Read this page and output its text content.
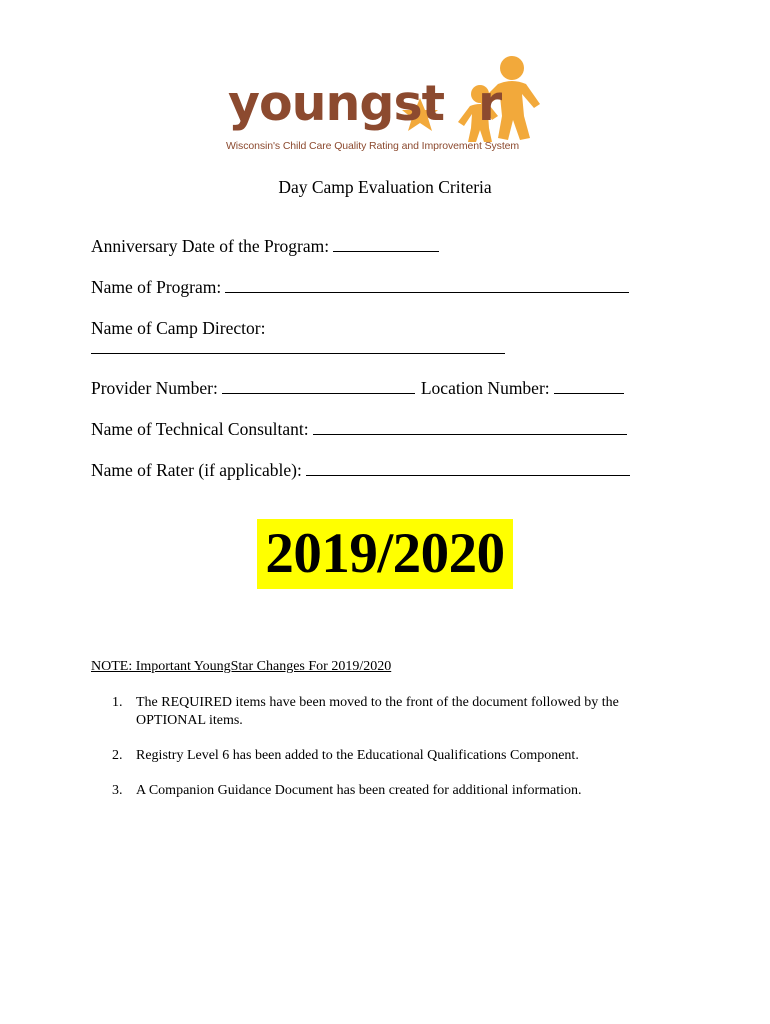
youngst r
Wisconsin's Child Care Quality Rating and Improvement System
Day Camp Evaluation Criteria
Anniversary Date of the Program:
Name of Program:
Name of Camp Director:
Provider Number:	Location Number:
Name of Technical Consultant:
Name of Rater (if applicable):
2019/2020
NOTE: Important YoungStar Changes For 2019/2020
1. The REQUIRED items have been moved to the front of the document followed by the OPTIONAL items.
2. Registry Level 6 has been added to the Educational Qualifications Component.
3. A Companion Guidance Document has been created for additional information.
